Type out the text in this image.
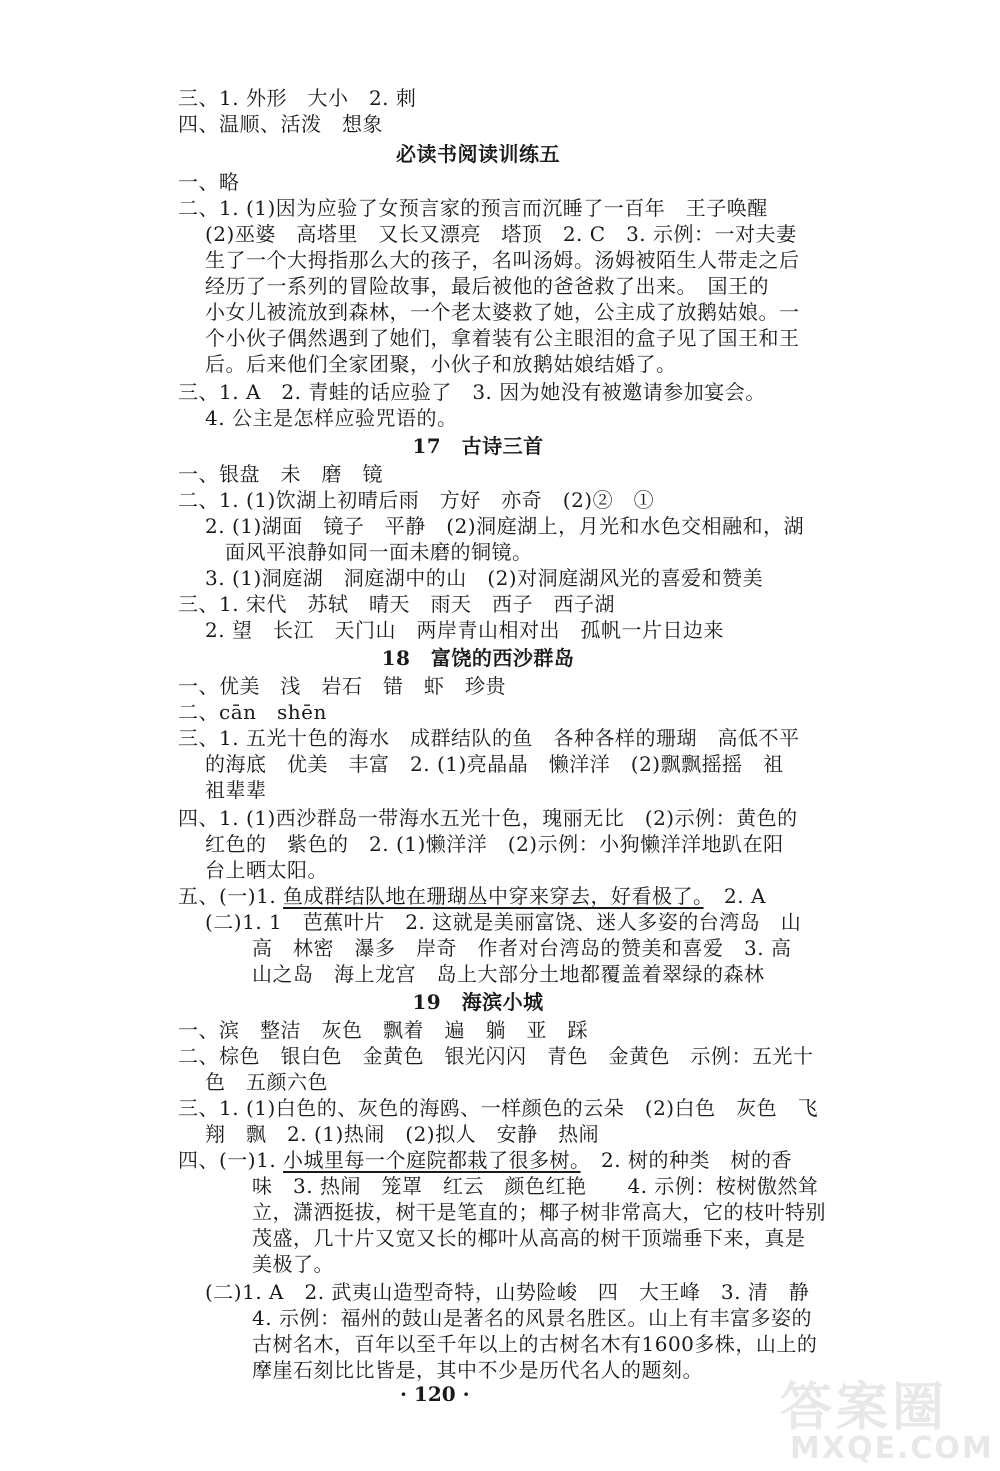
三、1. 外形　大小　2. 刺
四、温顺、活泼　想象
必读书阅读训练五
一、略
二、1. (1)因为应验了女预言家的预言而沉睡了一百年　王子唤醒
(2)巫婆　高塔里　又长又漂亮　塔顶　2. C　3. 示例：一对夫妻
生了一个大拇指那么大的孩子，名叫汤姆。汤姆被陌生人带走之后
经历了一系列的冒险故事，最后被他的爸爸救了出来。　国王的
小女儿被流放到森林，一个老太婆救了她，公主成了放鹅姑娘。一
个小伙子偶然遇到了她们，拿着装有公主眼泪的盒子见了国王和王
后。后来他们全家团聚，小伙子和放鹅姑娘结婚了。
三、1. A　2. 青蛙的话应验了　3. 因为她没有被邀请参加宴会。
4. 公主是怎样应验咒语的。
17　古诗三首
一、银盘　未　磨　镜
二、1. (1)饮湖上初晴后雨　方好　亦奇　(2)②　①
2. (1)湖面　镜子　平静　(2)洞庭湖上，月光和水色交相融和，湖
面风平浪静如同一面未磨的铜镜。
3. (1)洞庭湖　洞庭湖中的山　(2)对洞庭湖风光的喜爱和赞美
三、1. 宋代　苏轼　晴天　雨天　西子　西子湖
2. 望　长江　天门山　两岸青山相对出　孤帆一片日边来
18　富饶的西沙群岛
一、优美　浅　岩石　错　虾　珍贵
二、cān　shēn
三、1. 五光十色的海水　成群结队的鱼　各种各样的珊瑚　高低不平
的海底　优美　丰富　2. (1)亮晶晶　懒洋洋　(2)飘飘摇摇　祖
祖辈辈
四、1. (1)西沙群岛一带海水五光十色，瑰丽无比　(2)示例：黄色的
红色的　紫色的　2. (1)懒洋洋　(2)示例：小狗懒洋洋地趴在阳
台上晒太阳。
五、(一)1. 鱼成群结队地在珊瑚丛中穿来穿去，好看极了。　2. A
(二)1. 1　芭蕉叶片　2. 这就是美丽富饶、迷人多姿的台湾岛　山
高　林密　瀑多　岸奇　作者对台湾岛的赞美和喜爱　3. 高
山之岛　海上龙宫　岛上大部分土地都覆盖着翠绿的森林
19　海滨小城
一、滨　整洁　灰色　飘着　遍　躺　亚　踩
二、棕色　银白色　金黄色　银光闪闪　青色　金黄色　示例：五光十
色　五颜六色
三、1. (1)白色的、灰色的海鸥、一样颜色的云朵　(2)白色　灰色　飞
翔　飘　2. (1)热闹　(2)拟人　安静　热闹
四、(一)1. 小城里每一个庭院都栽了很多树。　2. 树的种类　树的香
味　3. 热闹　笼罩　红云　颜色红艳　　4. 示例：桉树傲然耸
立，潇洒挺拔，树干是笔直的；椰子树非常高大，它的枝叶特别
茂盛，几十片又宽又长的椰叶从高高的树干顶端垂下来，真是
美极了。
(二)1. A　2. 武夷山造型奇特，山势险峻　四　大王峰　3. 清　静
4. 示例：福州的鼓山是著名的风景名胜区。山上有丰富多姿的
古树名木，百年以至千年以上的古树名木有1600多株，山上的
摩崖石刻比比皆是，其中不少是历代名人的题刻。
· 120 ·	答案圈
MXQE.COM
